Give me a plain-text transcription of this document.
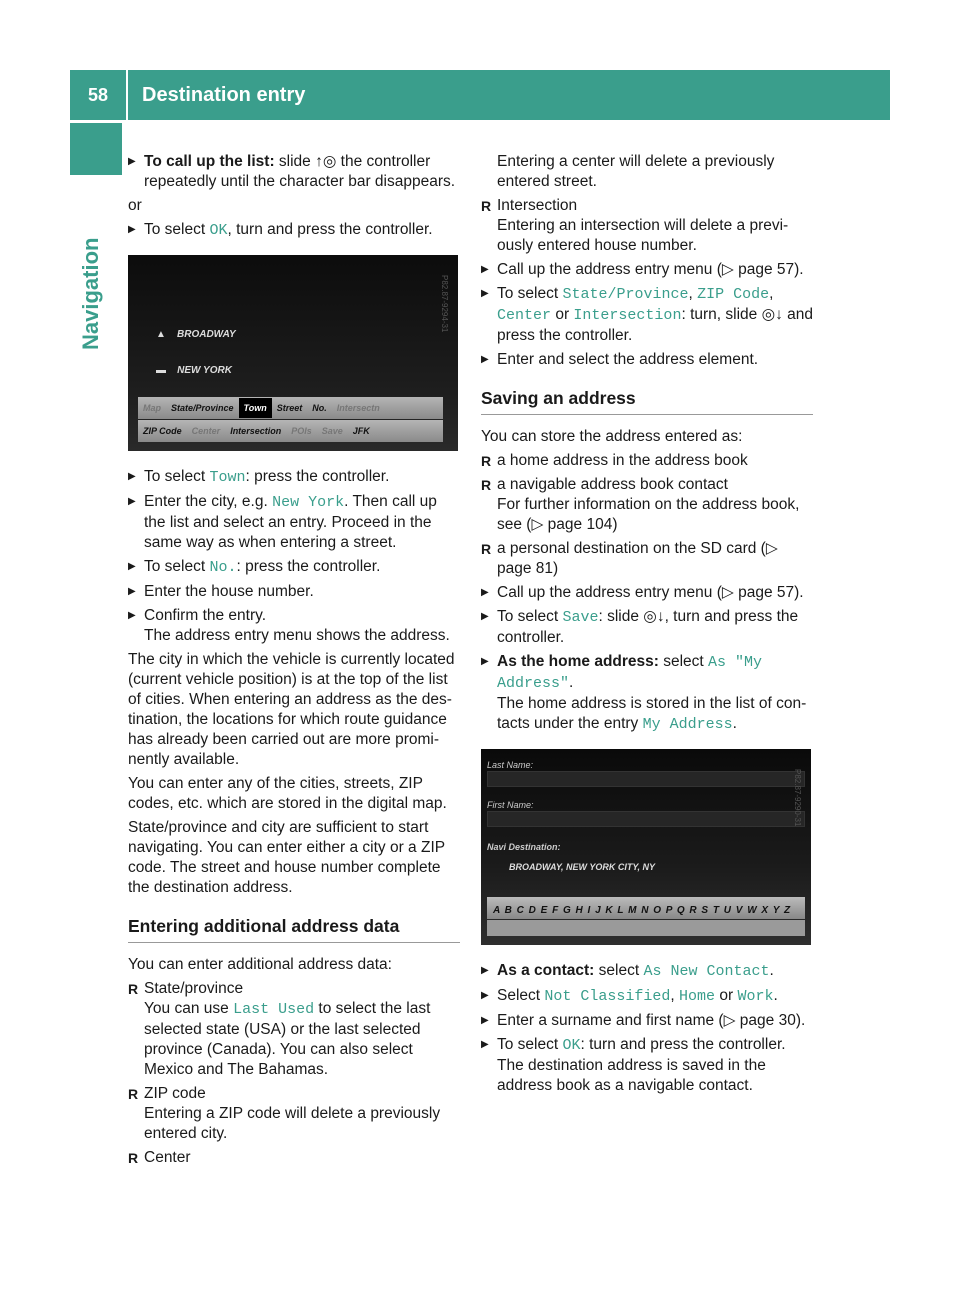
58	Destination entry
Navigation
▶ To call up the list: slide ↑◎ the controller repeatedly until the character bar disappears.

or

▶ To select OK, turn and press the controller.
▲    BROADWAY
▬    NEW YORK
Map	State/Province	Town	Street	No.	Intersectn
ZIP Code	Center	Intersection	POIs	Save	JFK
P82.87-9294-31
▶ To select Town: press the controller.
▶ Enter the city, e.g. New York. Then call up the list and select an entry. Proceed in the same way as when entering a street.
▶ To select No.: press the controller.
▶ Enter the house number.
▶ Confirm the entry.
The address entry menu shows the address.

The city in which the vehicle is currently located (current vehicle position) is at the top of the list of cities. When entering an address as the destination, the locations for which route guidance has already been carried out are more prominently available.

You can enter any of the cities, streets, ZIP codes, etc. which are stored in the digital map.

State/province and city are sufficient to start navigating. You can enter either a city or a ZIP code. The street and house number complete the destination address.

Entering additional address data

You can enter additional address data:

R State/province
You can use Last Used to select the last selected state (USA) or the last selected province (Canada). You can also select Mexico and The Bahamas.
R ZIP code
Entering a ZIP code will delete a previously entered city.
R Center

Entering a center will delete a previously entered street.

R Intersection
Entering an intersection will delete a previously entered house number.
▶ Call up the address entry menu (▷ page 57).
▶ To select State/Province, ZIP Code, Center or Intersection: turn, slide ◎↓ and press the controller.
▶ Enter and select the address element.
Saving an address

You can store the address entered as:

R a home address in the address book
R a navigable address book contact
For further information on the address book, see (▷ page 104)
R a personal destination on the SD card (▷ page 81)
▶ Call up the address entry menu (▷ page 57).
▶ To select Save: slide ◎↓, turn and press the controller.
▶ As the home address: select As "My Address".
The home address is stored in the list of contacts under the entry My Address.
Last Name:
First Name:
Navi Destination:
BROADWAY, NEW YORK CITY, NY
A B C D E F G H I J K L M N O P Q R S T U V W X Y Z
P82.87-9290-31
▶ As a contact: select As New Contact.
▶ Select Not Classified, Home or Work.
▶ Enter a surname and first name (▷ page 30).
▶ To select OK: turn and press the controller.
The destination address is saved in the address book as a navigable contact.
